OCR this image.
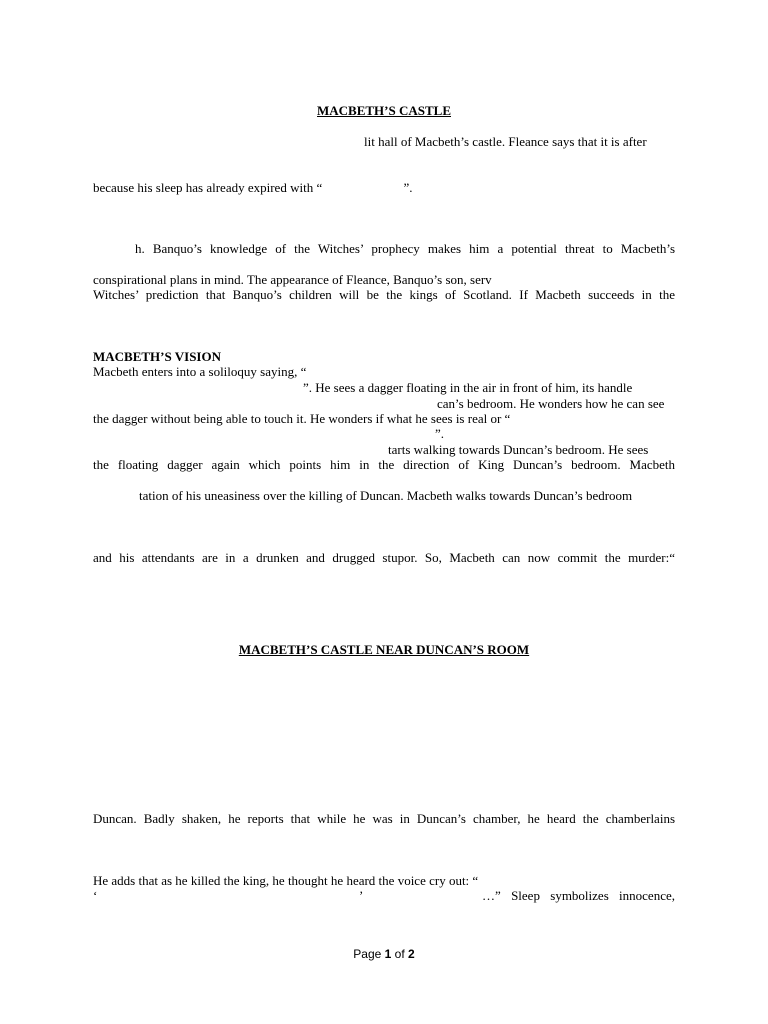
MACBETH’S CASTLE
lit hall of Macbeth’s castle. Fleance says that it is after
because his sleep has already expired with “                         ”.
h. Banquo’s knowledge of the Witches’ prophecy makes him a potential threat to Macbeth’s
conspirational plans in mind. The appearance of Fleance, Banquo’s son, serv
Witches’ prediction that Banquo’s children will be the kings of Scotland. If Macbeth succeeds in the
MACBETH’S VISION
Macbeth enters into a soliloquy saying, “
”. He sees a dagger floating in the air in front of him, its handle
can’s bedroom. He wonders how he can see
the dagger without being able to touch it. He wonders if what he sees is real or “
”.
tarts walking towards Duncan’s bedroom. He sees
the floating dagger again which points him in the direction of King Duncan’s bedroom. Macbeth
tation of his uneasiness over the killing of Duncan. Macbeth walks towards Duncan’s bedroom
and his attendants are in a drunken and drugged stupor. So, Macbeth can now commit the murder:“
MACBETH’S CASTLE NEAR DUNCAN’S ROOM
Duncan. Badly shaken, he reports that while he was in Duncan’s chamber, he heard the chamberlains
He adds that as he killed the king, he thought he heard the voice cry out: “
‘	’	…” Sleep symbolizes innocence,
Page 1 of 2
